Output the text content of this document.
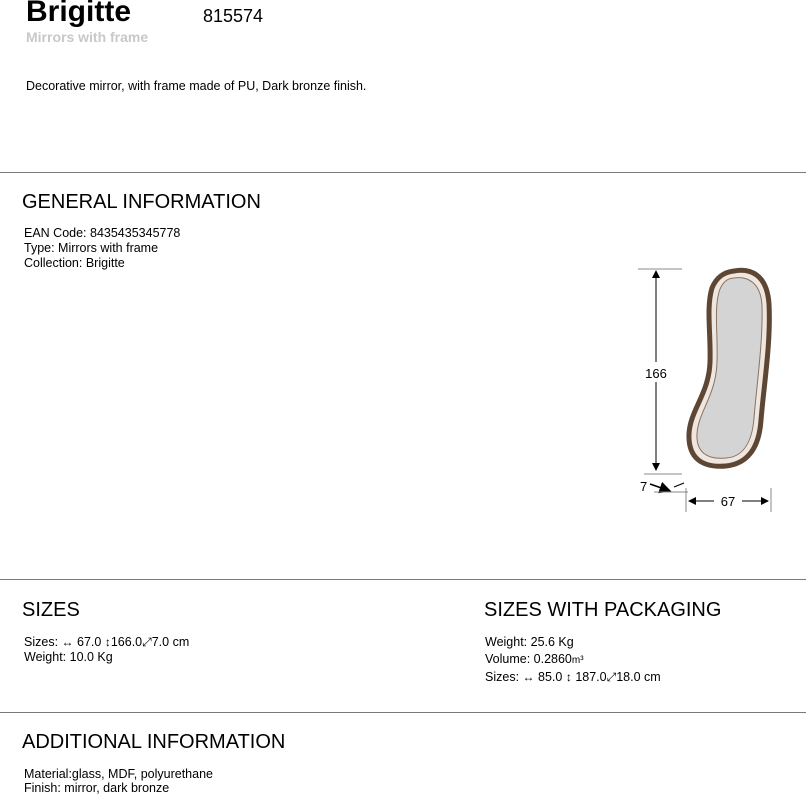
Brigitte	815574
Mirrors with frame
Decorative mirror, with frame made of PU, Dark bronze finish.
GENERAL INFORMATION
EAN Code: 8435435345778
Type: Mirrors with frame
Collection: Brigitte
166
7
67
SIZES
Sizes: ↔ 67.0 ↕166.0⤢7.0 cm
Weight: 10.0 Kg
SIZES WITH PACKAGING
Weight: 25.6 Kg
Volume: 0.2860m³
Sizes: ↔ 85.0 ↕ 187.0⤢18.0 cm
ADDITIONAL INFORMATION
Material:glass, MDF, polyurethane
Finish: mirror, dark bronze
